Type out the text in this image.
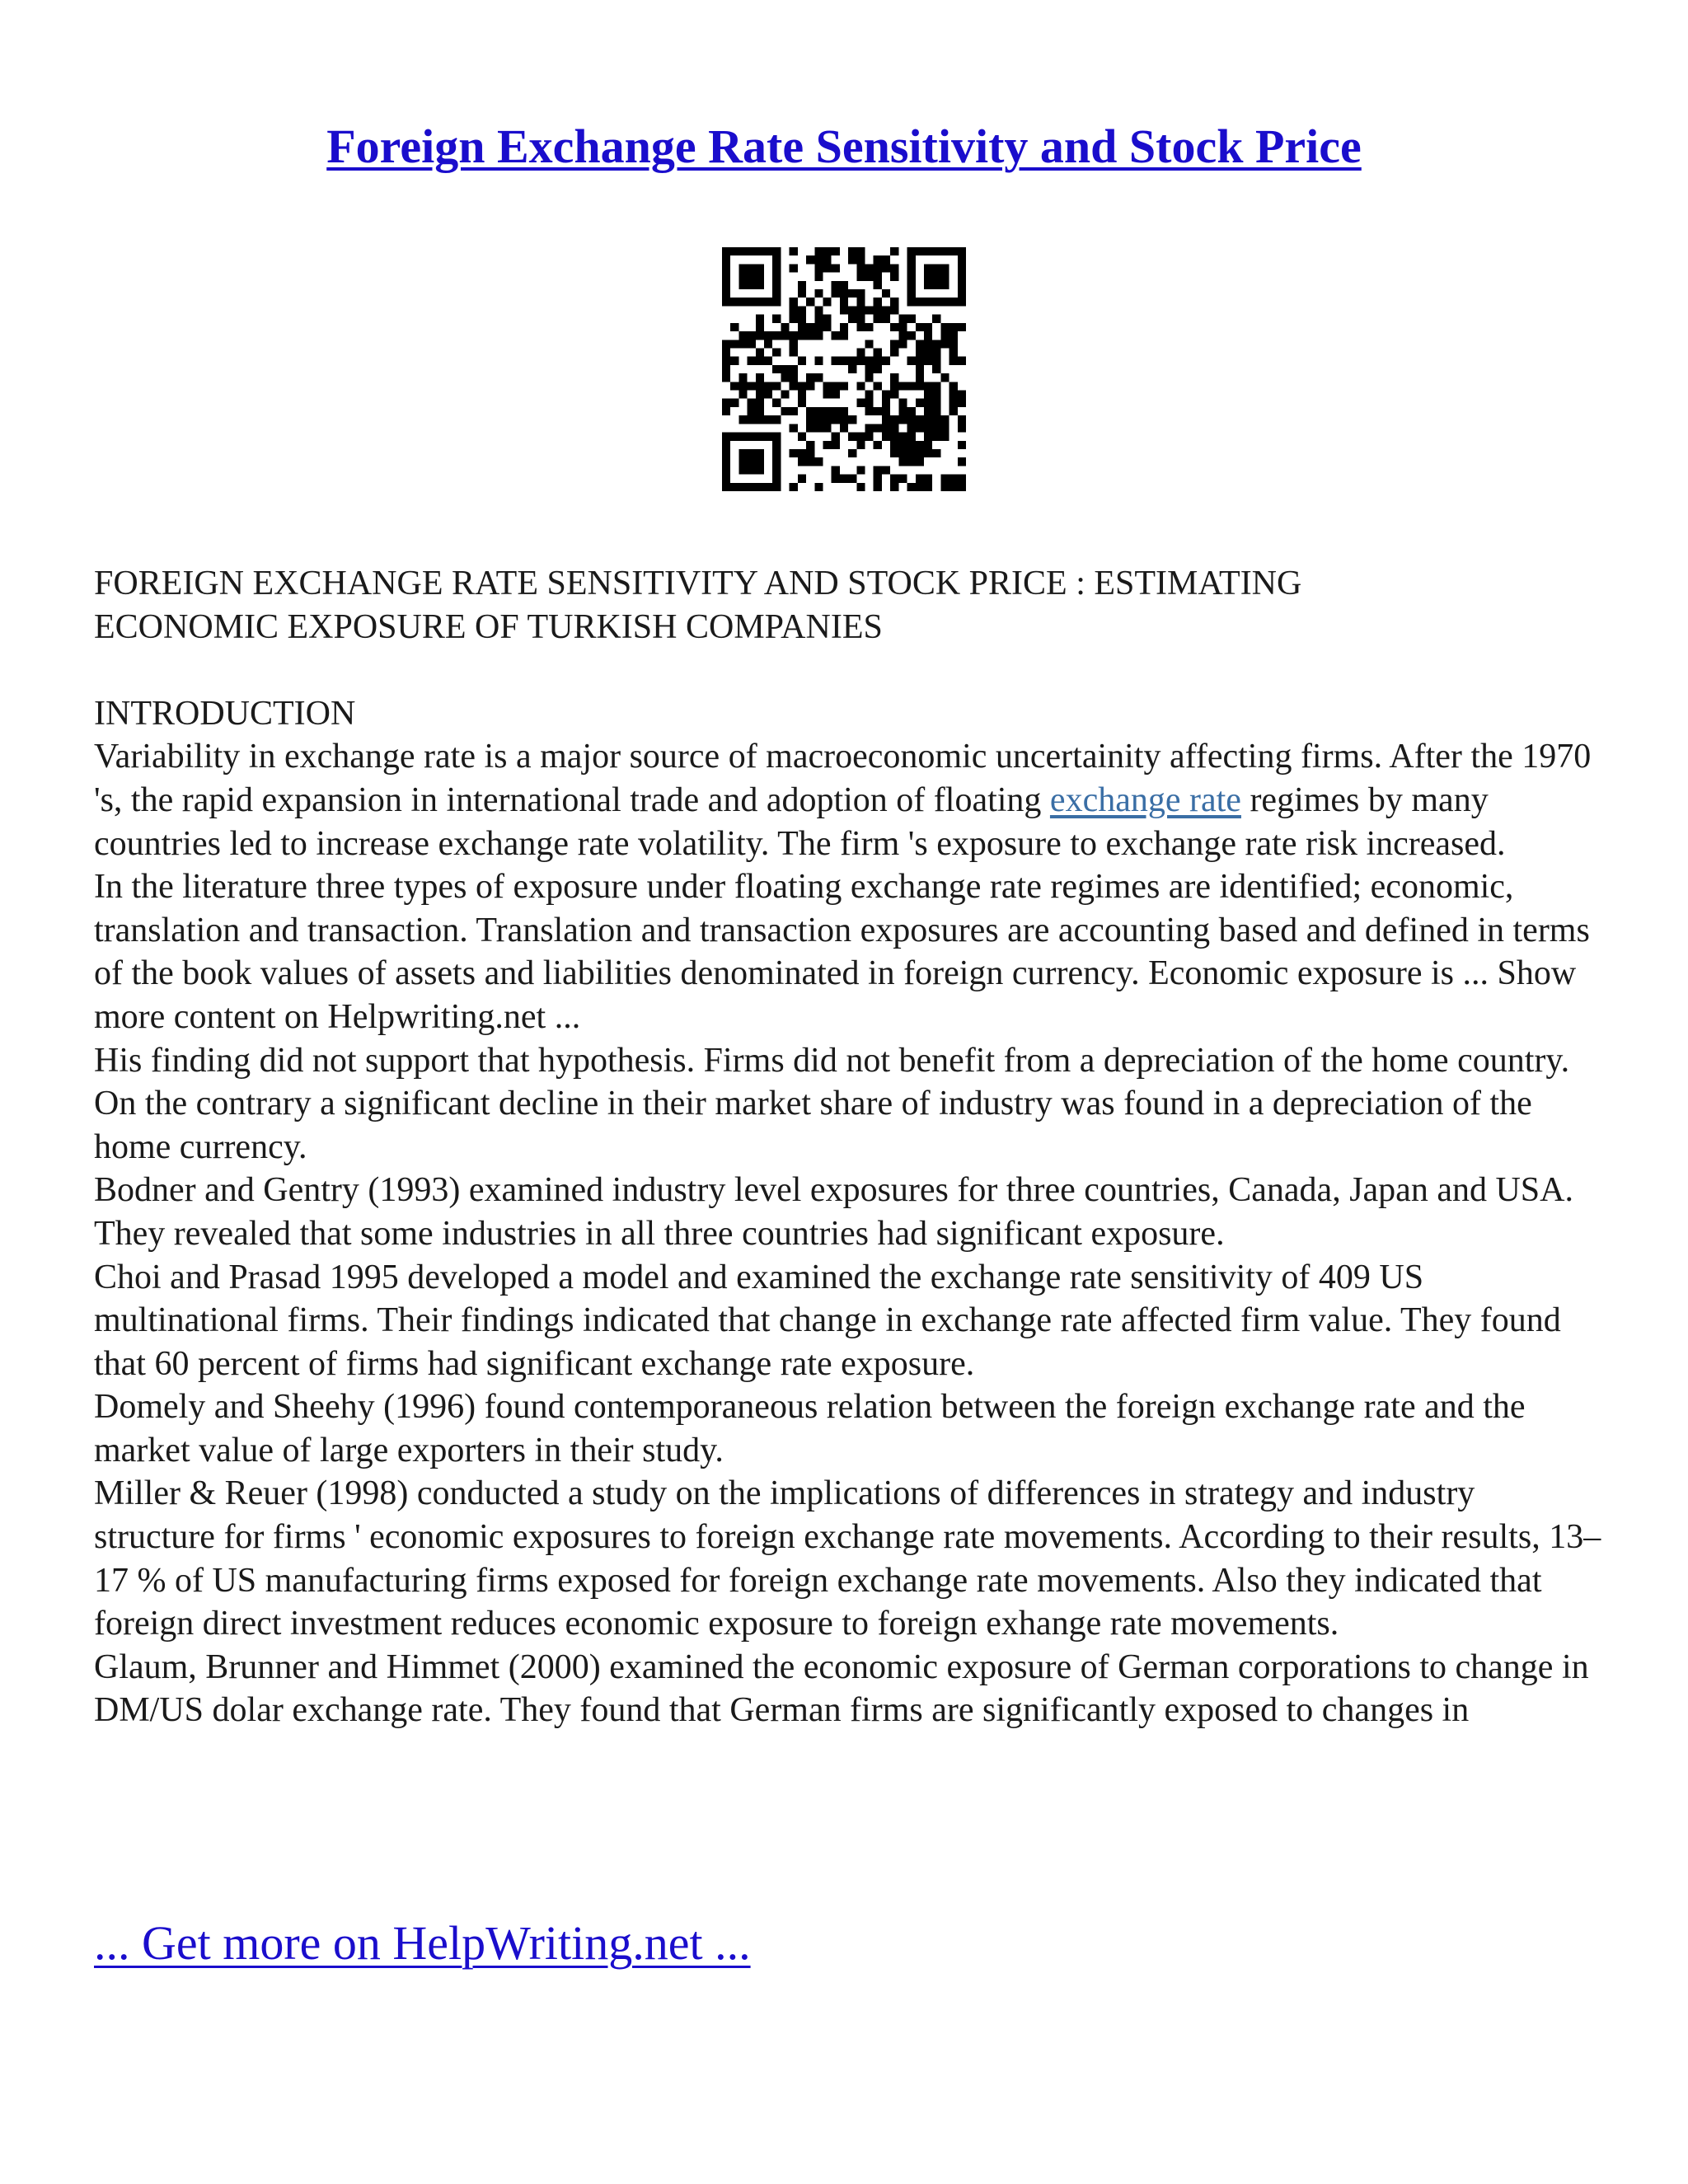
Foreign Exchange Rate Sensitivity and Stock Price

FOREIGN EXCHANGE RATE SENSITIVITY AND STOCK PRICE : ESTIMATING

ECONOMIC EXPOSURE OF TURKISH COMPANIES

INTRODUCTION

Variability in exchange rate is a major source of macroeconomic uncertainity affecting firms. After the 1970 's, the rapid expansion in international trade and adoption of floating exchange rate regimes by many countries led to increase exchange rate volatility. The firm 's exposure to exchange rate risk increased.

In the literature three types of exposure under floating exchange rate regimes are identified; economic, translation and transaction. Translation and transaction exposures are accounting based and defined in terms of the book values of assets and liabilities denominated in foreign currency. Economic exposure is ... Show more content on Helpwriting.net ...

His finding did not support that hypothesis. Firms did not benefit from a depreciation of the home country. On the contrary a significant decline in their market share of industry was found in a depreciation of the home currency.

Bodner and Gentry (1993) examined industry level exposures for three countries, Canada, Japan and USA. They revealed that some industries in all three countries had significant exposure.

Choi and Prasad 1995 developed a model and examined the exchange rate sensitivity of 409 US multinational firms. Their findings indicated that change in exchange rate affected firm value. They found that 60 percent of firms had significant exchange rate exposure.

Domely and Sheehy (1996) found contemporaneous relation between the foreign exchange rate and the market value of large exporters in their study.

Miller & Reuer (1998) conducted a study on the implications of differences in strategy and industry structure for firms ' economic exposures to foreign exchange rate movements. According to their results, 13–17 % of US manufacturing firms exposed for foreign exchange rate movements. Also they indicated that foreign direct investment reduces economic exposure to foreign exhange rate movements.

Glaum, Brunner and Himmet (2000) examined the economic exposure of German corporations to change in DM/US dolar exchange rate. They found that German firms are significantly exposed to changes in

... Get more on HelpWriting.net ...
